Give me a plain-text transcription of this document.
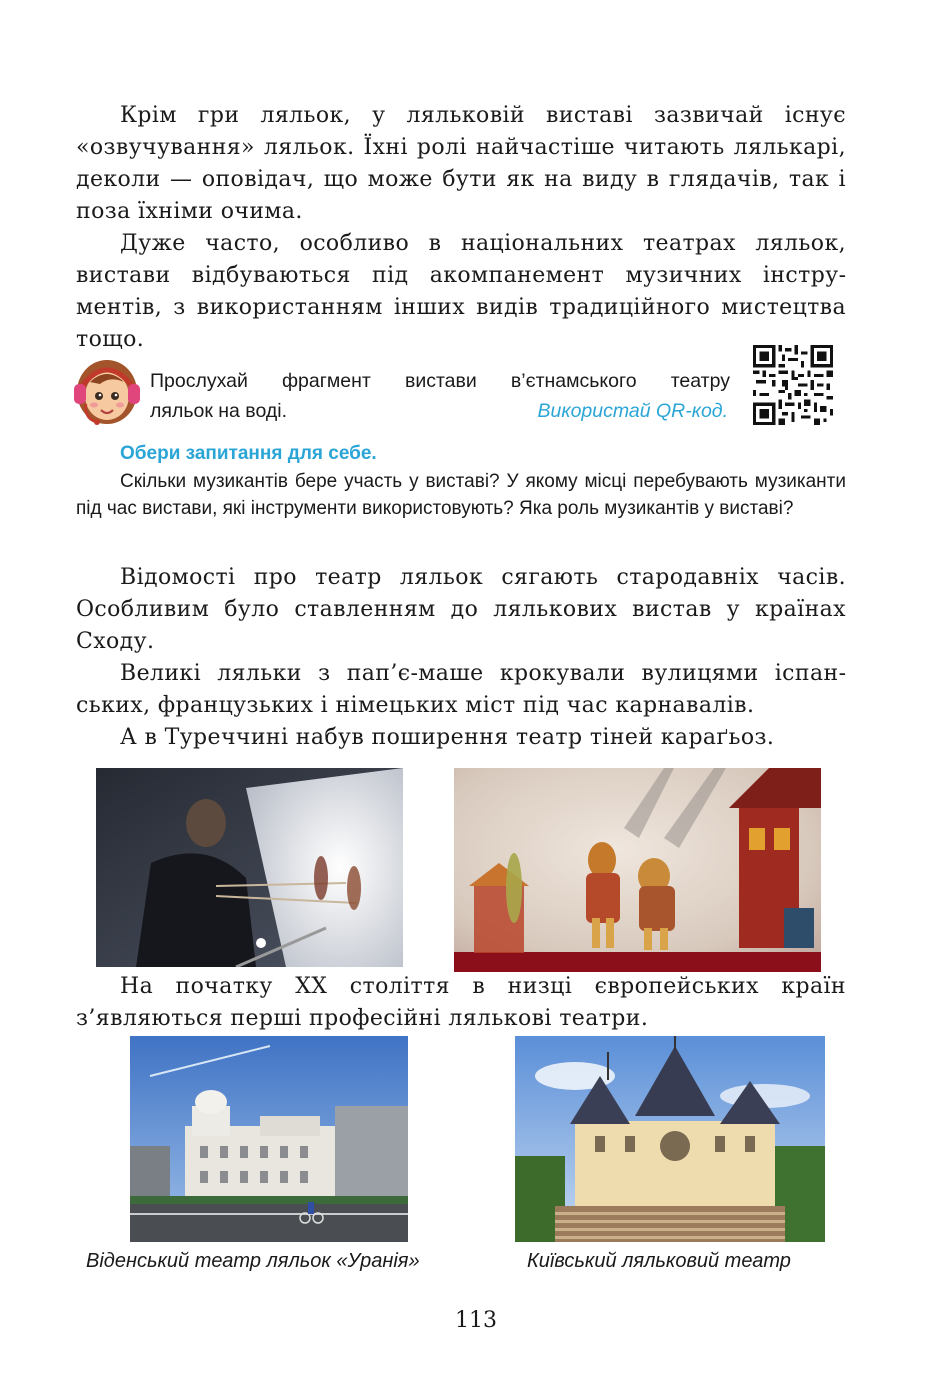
Крім гри ляльок, у ляльковій виставі зазвичай існує «озвучування» ляльок. Їхні ролі найчастіше читають лялькарі, деколи — оповідач, що може бути як на виду в глядачів, так і поза їхніми очима.

Дуже часто, особливо в національних театрах ляльок, вистави відбуваються під акомпанемент музичних інструментів, з використанням інших видів традиційного мистецтва тощо.

Прослухай фрагмент вистави в’єтнамського театру
ляльок на воді.	Використай QR-код.
Обери запитання для себе.

Скільки музикантів бере участь у виставі? У якому місці перебувають музиканти під час вистави, які інструменти використовують? Яка роль музикантів у виставі?

Відомості про театр ляльок сягають стародавніх часів. Особливим було ставленням до лялькових вистав у країнах Сходу.

Великі ляльки з пап’є-маше крокували вулицями іспанських, французьких і німецьких міст під час карнавалів.

А в Туреччині набув поширення театр тіней караґьоз.

На початку XX століття в низці європейських країн з’являються перші професійні лялькові театри.

Віденський театр ляльок «Уранія»	Київський ляльковий театр
113
